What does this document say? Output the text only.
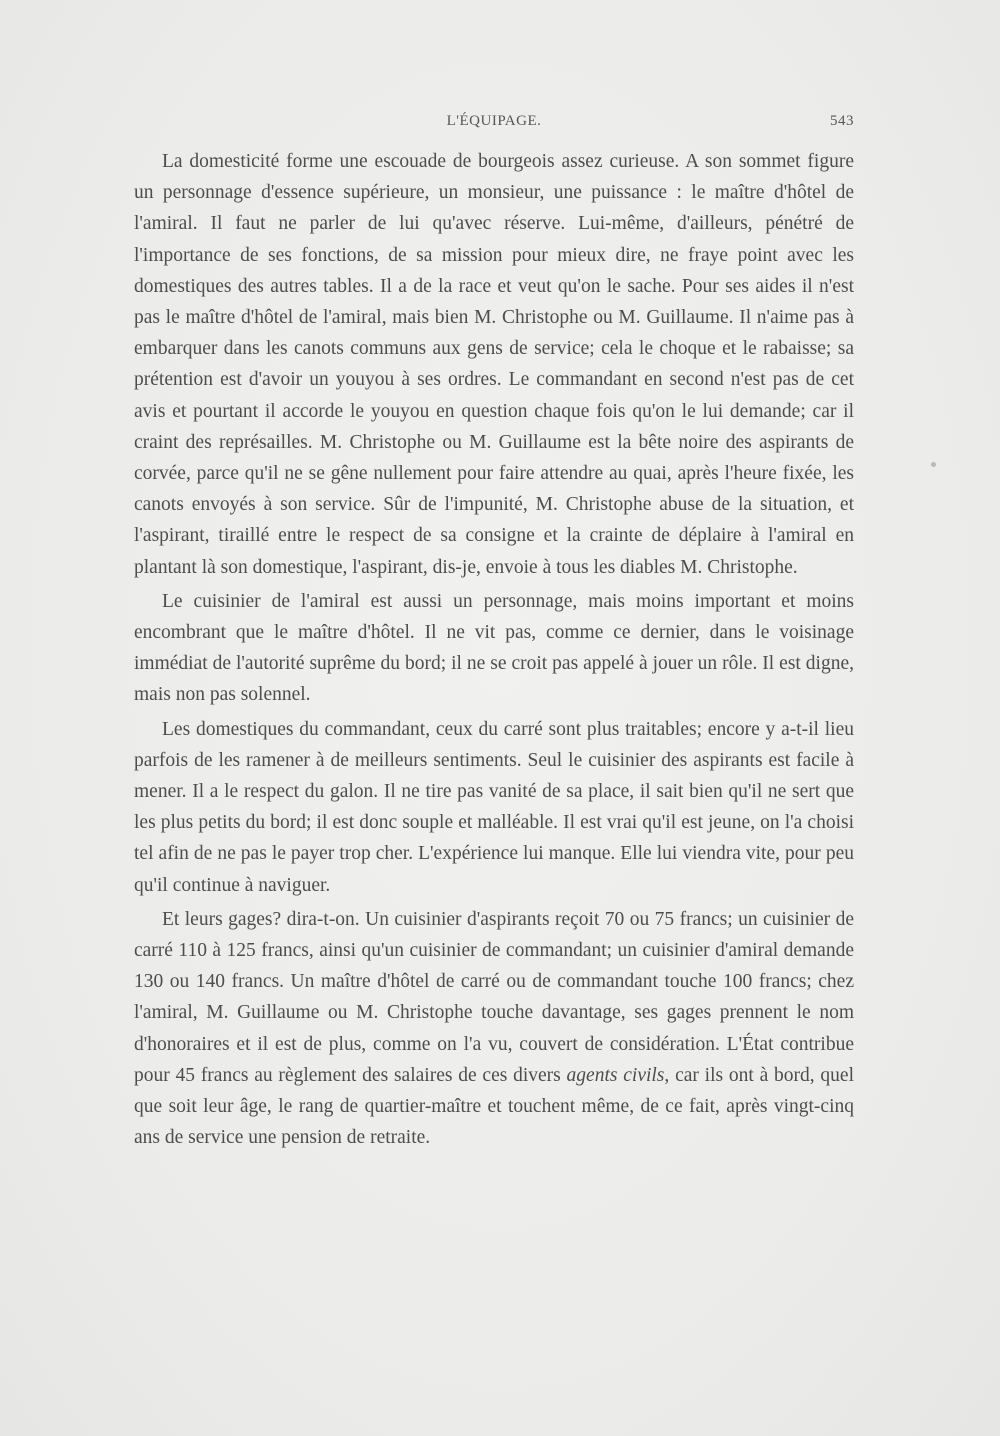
L'ÉQUIPAGE.	543

La domesticité forme une escouade de bourgeois assez curieuse. A son sommet figure un personnage d'essence supérieure, un monsieur, une puissance : le maître d'hôtel de l'amiral. Il faut ne parler de lui qu'avec réserve. Lui-même, d'ailleurs, pénétré de l'importance de ses fonctions, de sa mission pour mieux dire, ne fraye point avec les domestiques des autres tables. Il a de la race et veut qu'on le sache. Pour ses aides il n'est pas le maître d'hôtel de l'amiral, mais bien M. Christophe ou M. Guillaume. Il n'aime pas à embarquer dans les canots communs aux gens de service; cela le choque et le rabaisse; sa prétention est d'avoir un youyou à ses ordres. Le commandant en second n'est pas de cet avis et pourtant il accorde le youyou en question chaque fois qu'on le lui demande; car il craint des représailles. M. Christophe ou M. Guillaume est la bête noire des aspirants de corvée, parce qu'il ne se gêne nullement pour faire attendre au quai, après l'heure fixée, les canots envoyés à son service. Sûr de l'impunité, M. Christophe abuse de la situation, et l'aspirant, tiraillé entre le respect de sa consigne et la crainte de déplaire à l'amiral en plantant là son domestique, l'aspirant, dis-je, envoie à tous les diables M. Christophe.

Le cuisinier de l'amiral est aussi un personnage, mais moins important et moins encombrant que le maître d'hôtel. Il ne vit pas, comme ce dernier, dans le voisinage immédiat de l'autorité suprême du bord; il ne se croit pas appelé à jouer un rôle. Il est digne, mais non pas solennel.

Les domestiques du commandant, ceux du carré sont plus traitables; encore y a-t-il lieu parfois de les ramener à de meilleurs sentiments. Seul le cuisinier des aspirants est facile à mener. Il a le respect du galon. Il ne tire pas vanité de sa place, il sait bien qu'il ne sert que les plus petits du bord; il est donc souple et malléable. Il est vrai qu'il est jeune, on l'a choisi tel afin de ne pas le payer trop cher. L'expérience lui manque. Elle lui viendra vite, pour peu qu'il continue à naviguer.

Et leurs gages? dira-t-on. Un cuisinier d'aspirants reçoit 70 ou 75 francs; un cuisinier de carré 110 à 125 francs, ainsi qu'un cuisinier de commandant; un cuisinier d'amiral demande 130 ou 140 francs. Un maître d'hôtel de carré ou de commandant touche 100 francs; chez l'amiral, M. Guillaume ou M. Christophe touche davantage, ses gages prennent le nom d'honoraires et il est de plus, comme on l'a vu, couvert de considération. L'État contribue pour 45 francs au règlement des salaires de ces divers agents civils, car ils ont à bord, quel que soit leur âge, le rang de quartier-maître et touchent même, de ce fait, après vingt-cinq ans de service une pension de retraite.
